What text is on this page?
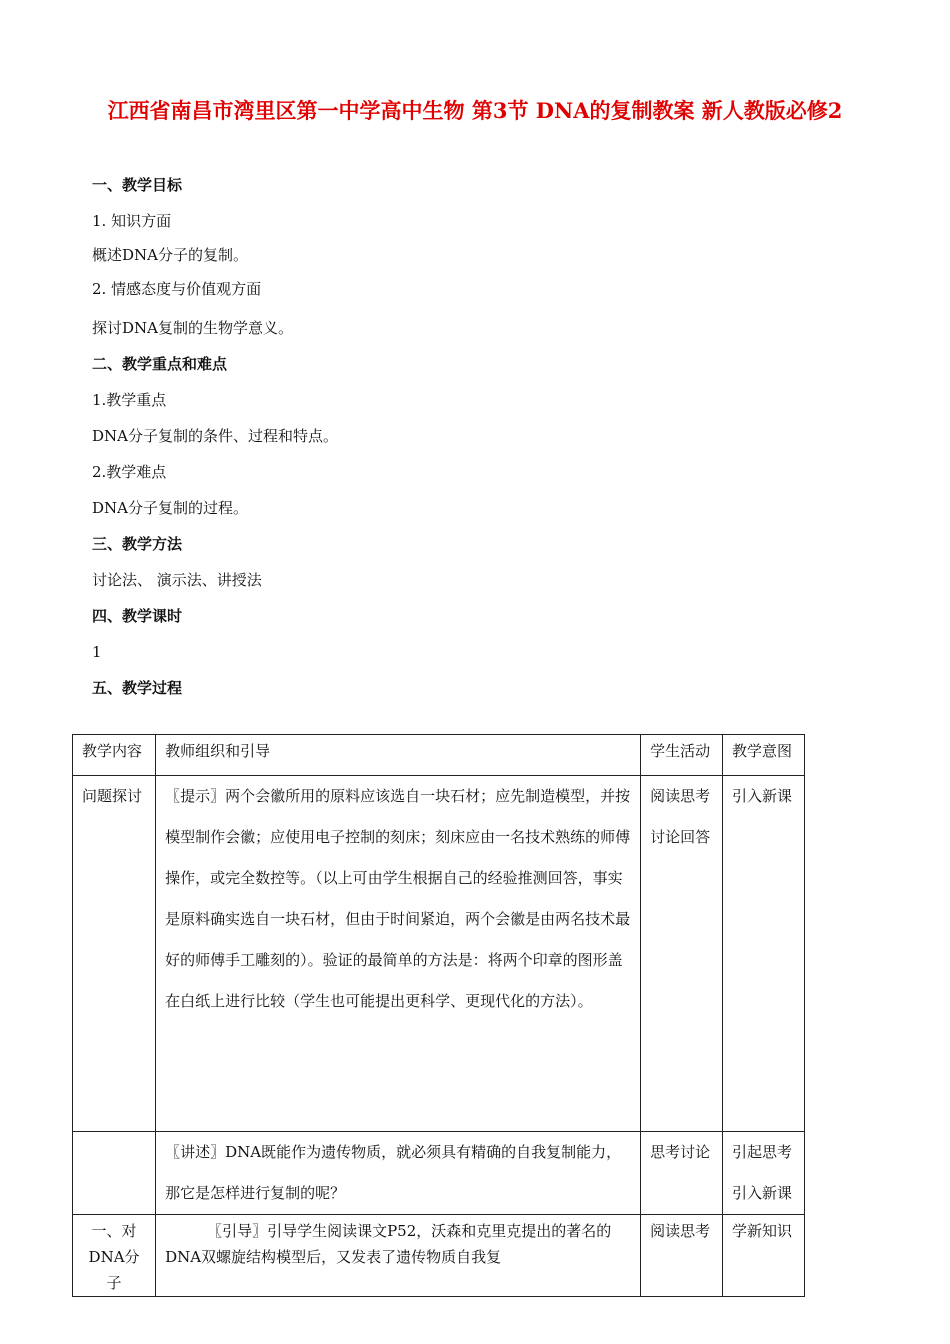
江西省南昌市湾里区第一中学高中生物 第3节 DNA的复制教案 新人教版必修2
一、教学目标
1. 知识方面
概述DNA分子的复制。
2. 情感态度与价值观方面
探讨DNA复制的生物学意义。
二、教学重点和难点
1.教学重点
DNA分子复制的条件、过程和特点。
2.教学难点
DNA分子复制的过程。
三、教学方法
讨论法、 演示法、讲授法
四、教学课时
1
五、教学过程
教学内容	教师组织和引导	学生活动	教学意图
问题探讨	〖提示〗两个会徽所用的原料应该选自一块石材；应先制造模型，并按模型制作会徽；应使用电子控制的刻床；刻床应由一名技术熟练的师傅操作，或完全数控等。（以上可由学生根据自己的经验推测回答，事实是原料确实选自一块石材，但由于时间紧迫，两个会徽是由两名技术最好的师傅手工雕刻的）。验证的最简单的方法是：将两个印章的图形盖在白纸上进行比较（学生也可能提出更科学、更现代化的方法）。	阅读思考讨论回答	引入新课
	〖讲述〗DNA既能作为遗传物质，就必须具有精确的自我复制能力，那它是怎样进行复制的呢？	思考讨论	引起思考引入新课
一、对DNA分子	〖引导〗引导学生阅读课文P52，沃森和克里克提出的著名的DNA双螺旋结构模型后，又发表了遗传物质自我复	阅读思考	学新知识
